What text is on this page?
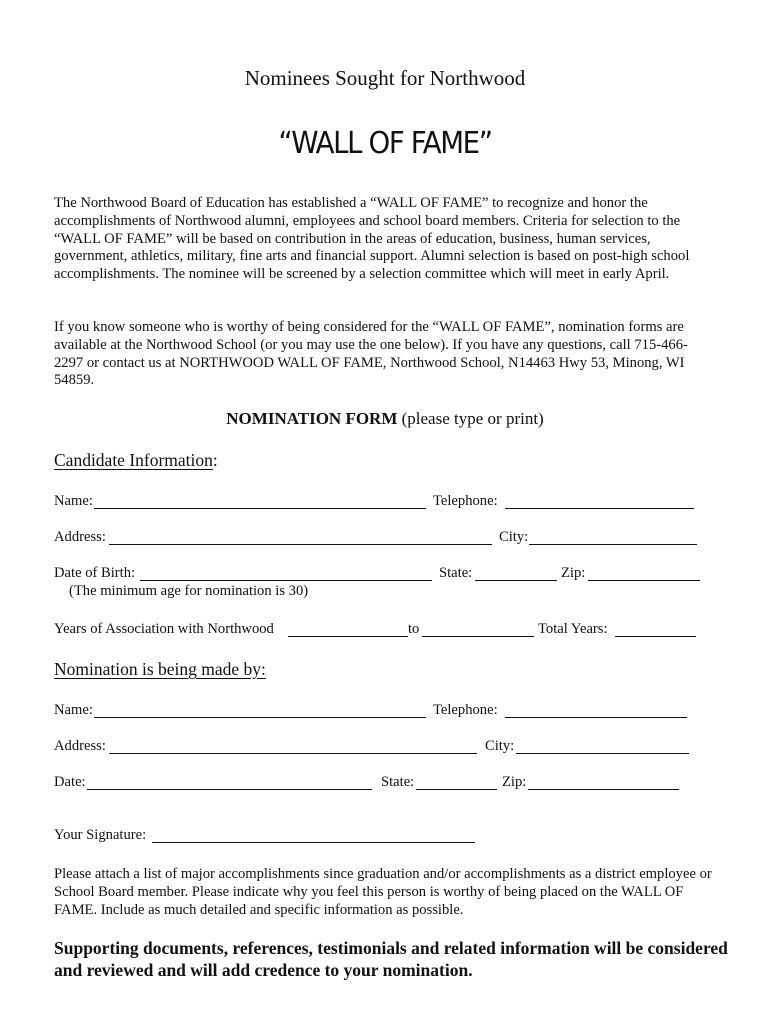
Nominees Sought for Northwood
“WALL OF FAME”
The Northwood Board of Education has established a “WALL OF FAME” to recognize and honor the accomplishments of Northwood alumni, employees and school board members. Criteria for selection to the “WALL OF FAME” will be based on contribution in the areas of education, business, human services, government, athletics, military, fine arts and financial support. Alumni selection is based on post-high school accomplishments. The nominee will be screened by a selection committee which will meet in early April.
If you know someone who is worthy of being considered for the “WALL OF FAME”, nomination forms are available at the Northwood School (or you may use the one below). If you have any questions, call 715-466-2297 or contact us at NORTHWOOD WALL OF FAME, Northwood School, N14463 Hwy 53, Minong, WI 54859.
NOMINATION FORM (please type or print)
Candidate Information:
Name:	Telephone:
Address:	City:
Date of Birth:	State:	Zip:
(The minimum age for nomination is 30)
Years of Association with Northwood	to	Total Years:
Nomination is being made by:
Name:	Telephone:
Address:	City:
Date:	State:	Zip:
Your Signature:
Please attach a list of major accomplishments since graduation and/or accomplishments as a district employee or School Board member. Please indicate why you feel this person is worthy of being placed on the WALL OF FAME. Include as much detailed and specific information as possible.
Supporting documents, references, testimonials and related information will be considered and reviewed and will add credence to your nomination.
